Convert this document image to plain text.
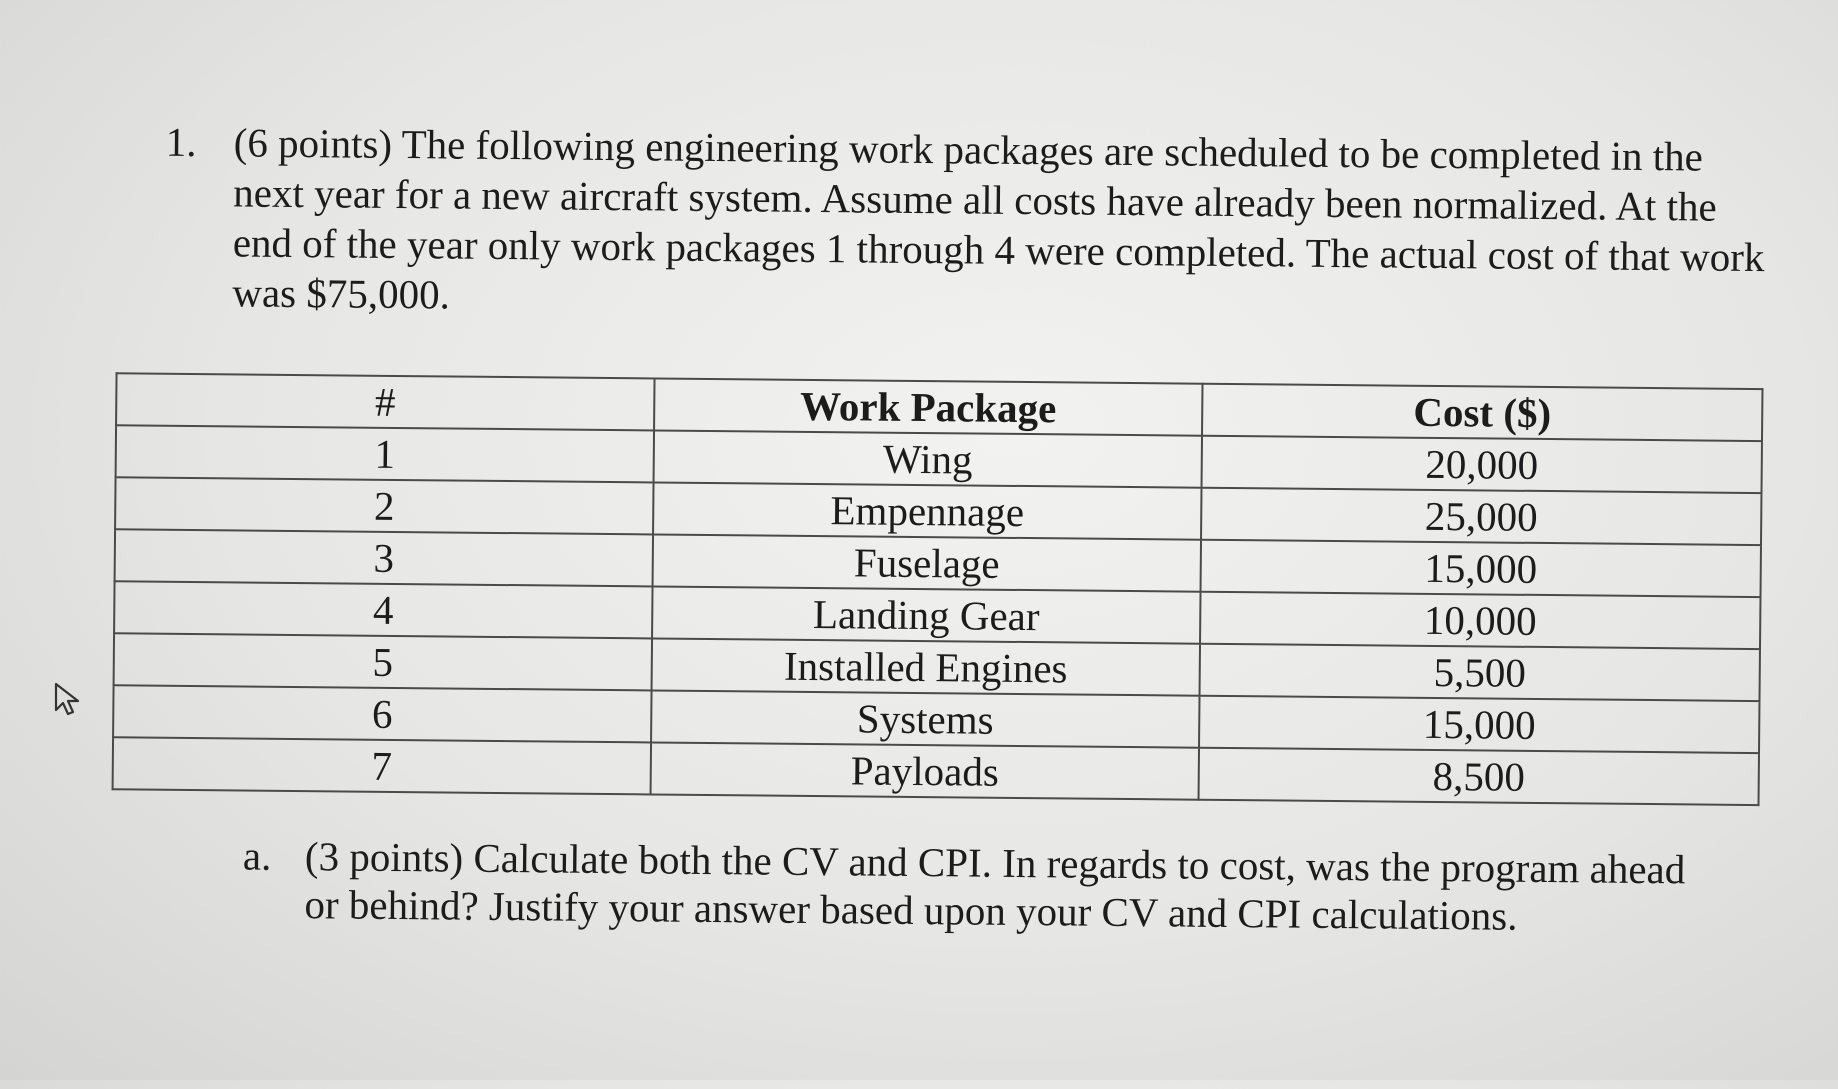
1. (6 points) The following engineering work packages are scheduled to be completed in the next year for a new aircraft system. Assume all costs have already been normalized. At the end of the year only work packages 1 through 4 were completed. The actual cost of that work was $75,000.
#	Work Package	Cost ($)
1	Wing	20,000
2	Empennage	25,000
3	Fuselage	15,000
4	Landing Gear	10,000
5	Installed Engines	5,500
6	Systems	15,000
7	Payloads	8,500
a. (3 points) Calculate both the CV and CPI. In regards to cost, was the program ahead or behind? Justify your answer based upon your CV and CPI calculations.
